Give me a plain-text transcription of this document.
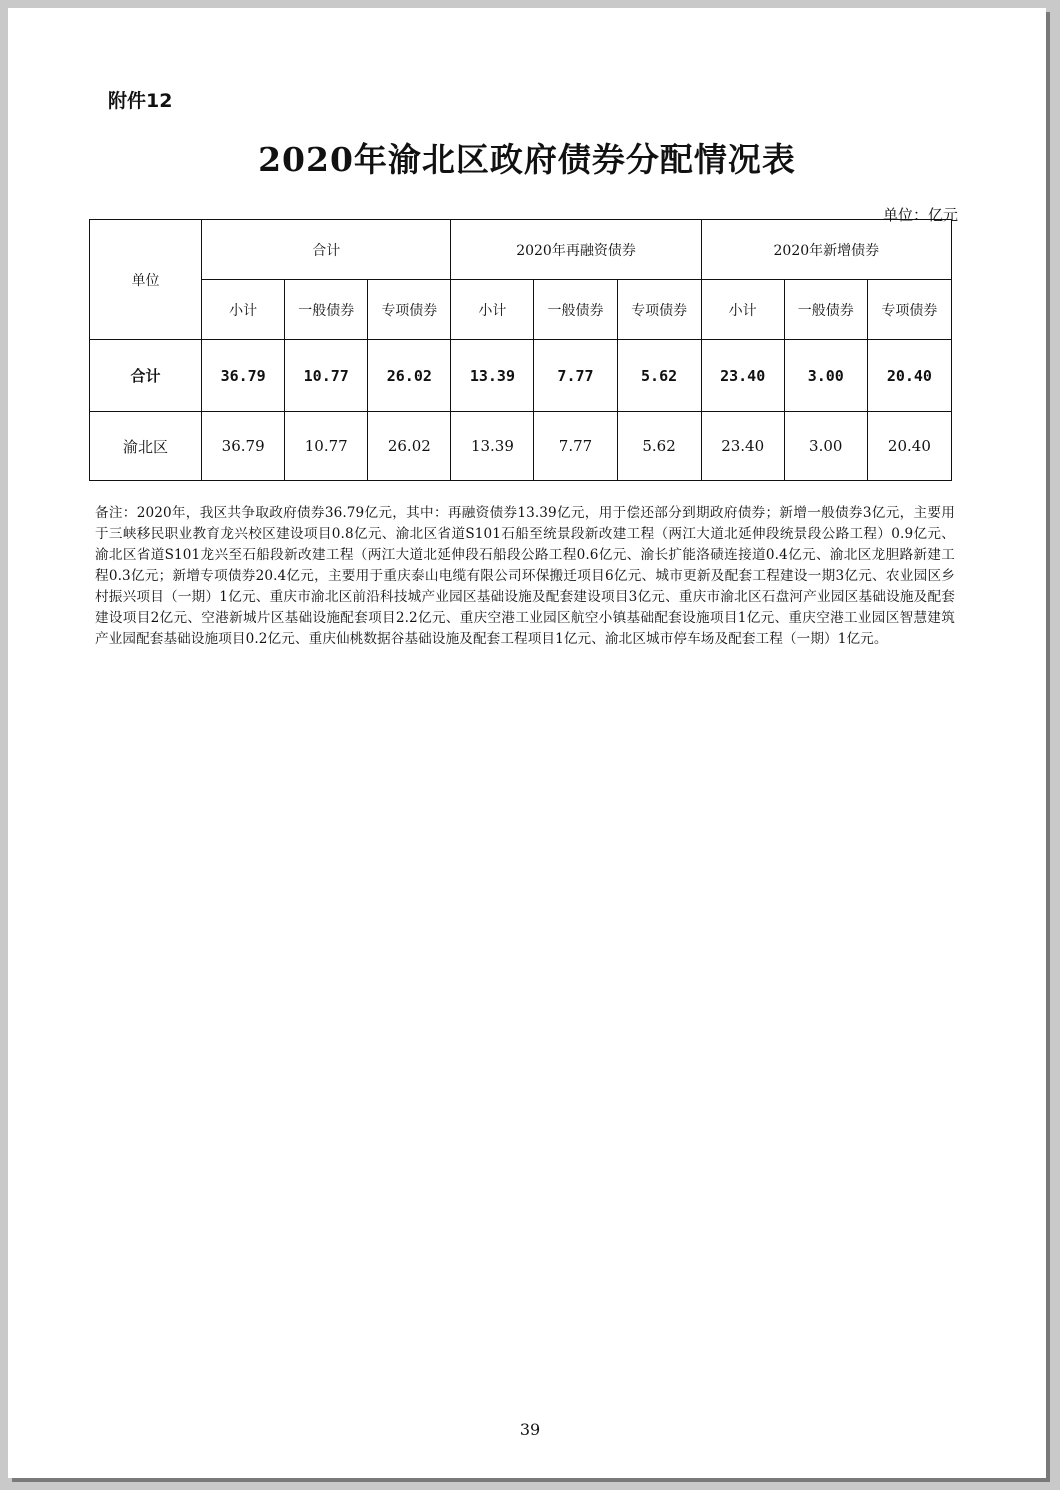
附件12
2020年渝北区政府债券分配情况表
单位：亿元
单位	合计			2020年再融资债券			2020年新增债券		
	小计	一般债券	专项债券	小计	一般债券	专项债券	小计	一般债券	专项债券
合计	36.79	10.77	26.02	13.39	7.77	5.62	23.40	3.00	20.40
渝北区	36.79	10.77	26.02	13.39	7.77	5.62	23.40	3.00	20.40
备注：2020年，我区共争取政府债券36.79亿元，其中：再融资债券13.39亿元，用于偿还部分到期政府债券；新增一般债券3亿元，主要用于三峡移民职业教育龙兴校区建设项目0.8亿元、渝北区省道S101石船至统景段新改建工程（两江大道北延伸段统景段公路工程）0.9亿元、渝北区省道S101龙兴至石船段新改建工程（两江大道北延伸段石船段公路工程0.6亿元、渝长扩能洛碛连接道0.4亿元、渝北区龙胆路新建工程0.3亿元；新增专项债券20.4亿元，主要用于重庆泰山电缆有限公司环保搬迁项目6亿元、城市更新及配套工程建设一期3亿元、农业园区乡村振兴项目（一期）1亿元、重庆市渝北区前沿科技城产业园区基础设施及配套建设项目3亿元、重庆市渝北区石盘河产业园区基础设施及配套建设项目2亿元、空港新城片区基础设施配套项目2.2亿元、重庆空港工业园区航空小镇基础配套设施项目1亿元、重庆空港工业园区智慧建筑产业园配套基础设施项目0.2亿元、重庆仙桃数据谷基础设施及配套工程项目1亿元、渝北区城市停车场及配套工程（一期）1亿元。
39
